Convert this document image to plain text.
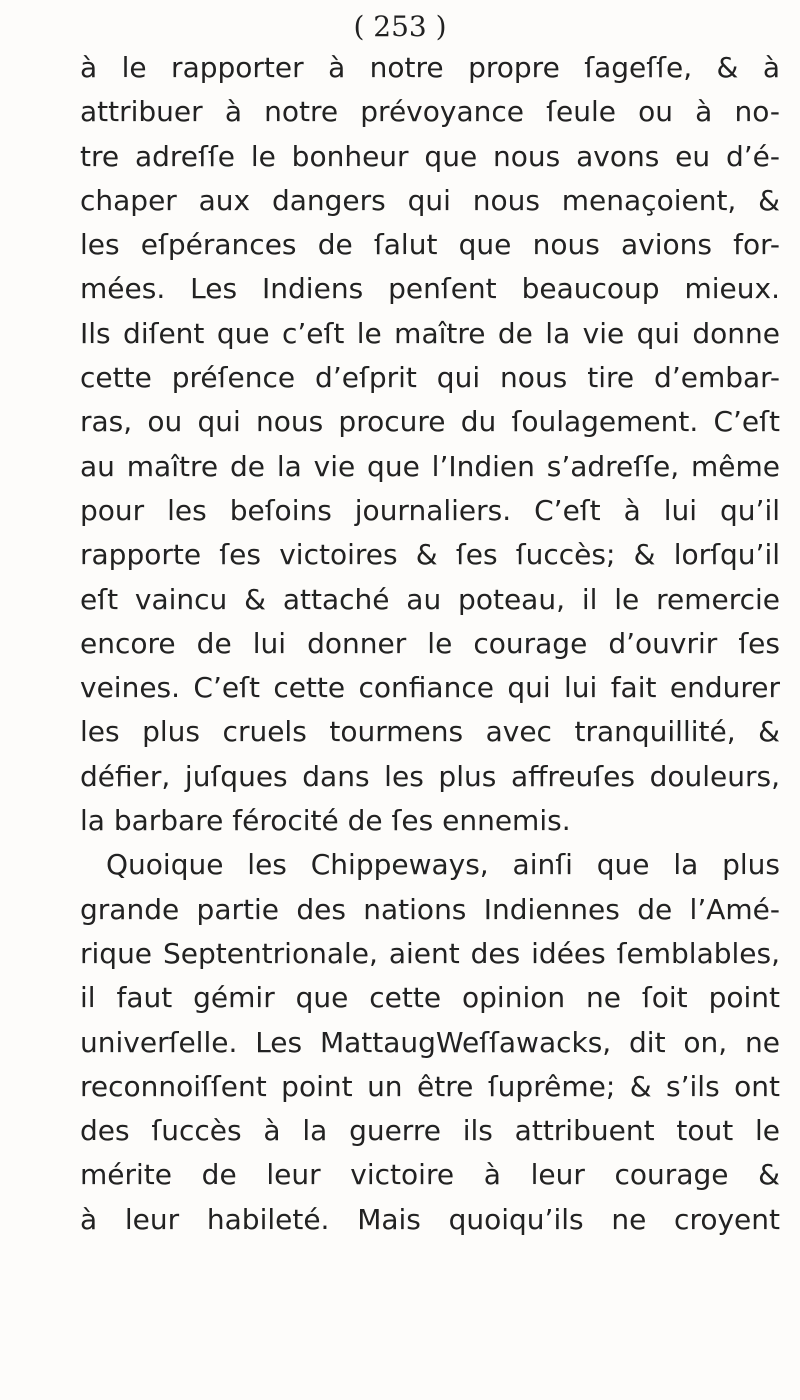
( 253 )
à le rapporter à notre propre ſageſſe, & à
attribuer à notre prévoyance ſeule ou à no-
tre adreſſe le bonheur que nous avons eu d’é-
chaper aux dangers qui nous menaçoient, &
les eſpérances de ſalut que nous avions for-
mées. Les Indiens penſent beaucoup mieux.
Ils diſent que c’eſt le maître de la vie qui donne
cette préſence d’eſprit qui nous tire d’embar-
ras, ou qui nous procure du ſoulagement. C’eſt
au maître de la vie que l’Indien s’adreſſe, même
pour les beſoins journaliers. C’eſt à lui qu’il
rapporte ſes victoires & ſes ſuccès; & lorſqu’il
eſt vaincu & attaché au poteau, il le remercie
encore de lui donner le courage d’ouvrir ſes
veines. C’eſt cette confiance qui lui fait endurer
les plus cruels tourmens avec tranquillité, &
défier, juſques dans les plus affreuſes douleurs,
la barbare férocité de ſes ennemis.
Quoique les Chippeways, ainſi que la plus
grande partie des nations Indiennes de l’Amé-
rique Septentrionale, aient des idées ſemblables,
il faut gémir que cette opinion ne ſoit point
univerſelle. Les MattaugWeſſawacks, dit on, ne
reconnoiſſent point un être ſuprême; & s’ils ont
des ſuccès à la guerre ils attribuent tout le
mérite de leur victoire à leur courage &
à leur habileté. Mais quoiqu’ils ne croyent
